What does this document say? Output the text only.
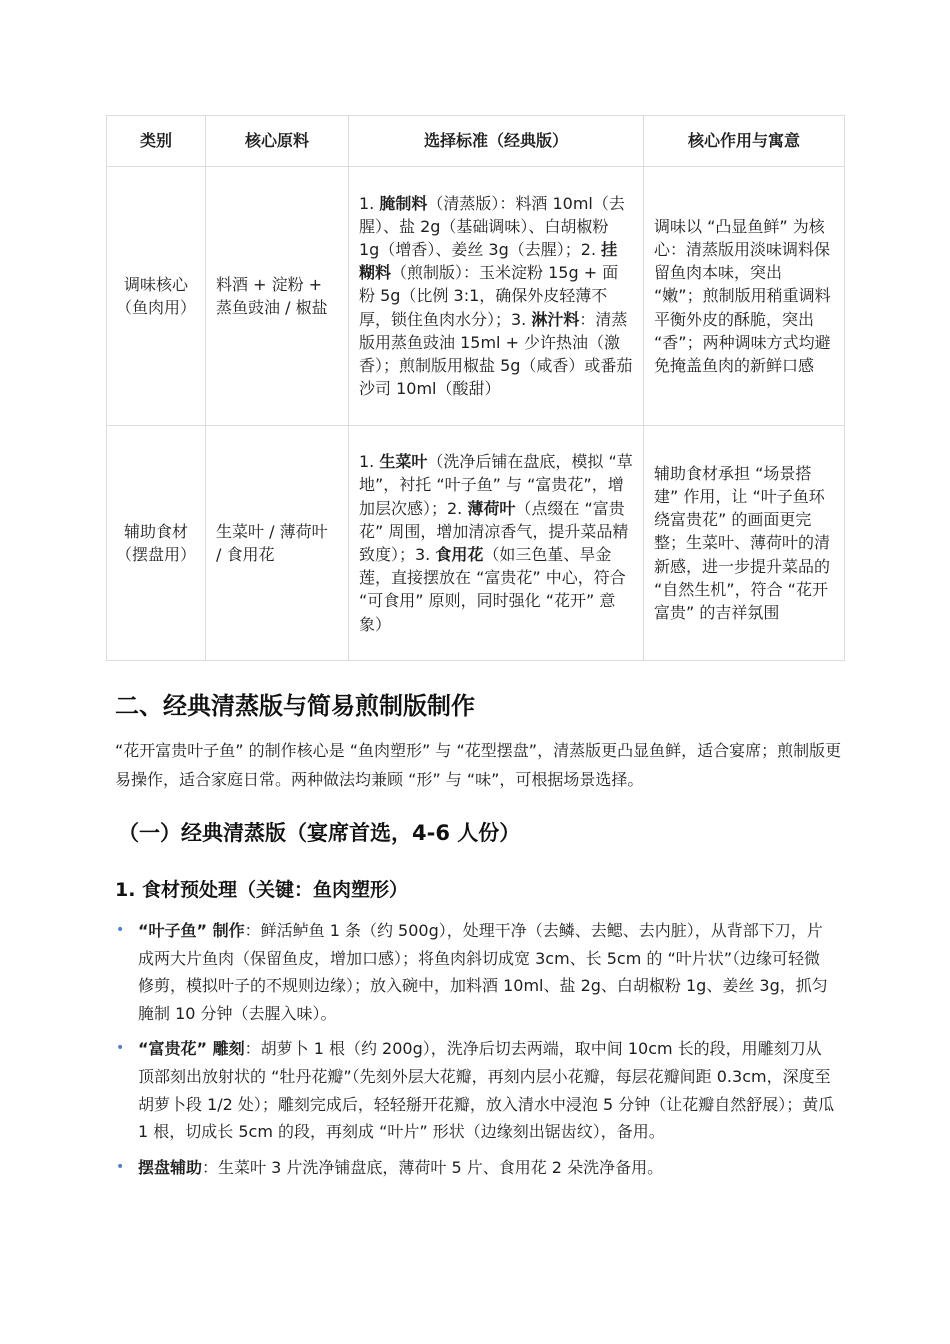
类别	核心原料	选择标准（经典版）	核心作用与寓意
调味核心（鱼肉用）	料酒 + 淀粉 + 蒸鱼豉油 / 椒盐	1. 腌制料（清蒸版）：料酒 10ml（去腥）、盐 2g（基础调味）、白胡椒粉 1g（增香）、姜丝 3g（去腥）；2. 挂糊料（煎制版）：玉米淀粉 15g + 面粉 5g（比例 3:1，确保外皮轻薄不厚，锁住鱼肉水分）；3. 淋汁料：清蒸版用蒸鱼豉油 15ml + 少许热油（激香）；煎制版用椒盐 5g（咸香）或番茄沙司 10ml（酸甜）	调味以 “凸显鱼鲜” 为核心：清蒸版用淡味调料保留鱼肉本味，突出 “嫩”；煎制版用稍重调料平衡外皮的酥脆，突出 “香”；两种调味方式均避免掩盖鱼肉的新鲜口感
辅助食材（摆盘用）	生菜叶 / 薄荷叶 / 食用花	1. 生菜叶（洗净后铺在盘底，模拟 “草地”，衬托 “叶子鱼” 与 “富贵花”，增加层次感）；2. 薄荷叶（点缀在 “富贵花” 周围，增加清凉香气，提升菜品精致度）；3. 食用花（如三色堇、旱金莲，直接摆放在 “富贵花” 中心，符合 “可食用” 原则，同时强化 “花开” 意象）	辅助食材承担 “场景搭建” 作用，让 “叶子鱼环绕富贵花” 的画面更完整；生菜叶、薄荷叶的清新感，进一步提升菜品的 “自然生机”，符合 “花开富贵” 的吉祥氛围
二、经典清蒸版与简易煎制版制作

“花开富贵叶子鱼” 的制作核心是 “鱼肉塑形” 与 “花型摆盘”，清蒸版更凸显鱼鲜，适合宴席；煎制版更易操作，适合家庭日常。两种做法均兼顾 “形” 与 “味”，可根据场景选择。

（一）经典清蒸版（宴席首选，4-6 人份）
1. 食材预处理（关键：鱼肉塑形）
• “叶子鱼” 制作：鲜活鲈鱼 1 条（约 500g），处理干净（去鳞、去鳃、去内脏），从背部下刀，片成两大片鱼肉（保留鱼皮，增加口感）；将鱼肉斜切成宽 3cm、长 5cm 的 “叶片状”（边缘可轻微修剪，模拟叶子的不规则边缘）；放入碗中，加料酒 10ml、盐 2g、白胡椒粉 1g、姜丝 3g，抓匀腌制 10 分钟（去腥入味）。
• “富贵花” 雕刻：胡萝卜 1 根（约 200g），洗净后切去两端，取中间 10cm 长的段，用雕刻刀从顶部刻出放射状的 “牡丹花瓣”（先刻外层大花瓣，再刻内层小花瓣，每层花瓣间距 0.3cm，深度至胡萝卜段 1/2 处）；雕刻完成后，轻轻掰开花瓣，放入清水中浸泡 5 分钟（让花瓣自然舒展）；黄瓜 1 根，切成长 5cm 的段，再刻成 “叶片” 形状（边缘刻出锯齿纹），备用。
• 摆盘辅助：生菜叶 3 片洗净铺盘底，薄荷叶 5 片、食用花 2 朵洗净备用。
